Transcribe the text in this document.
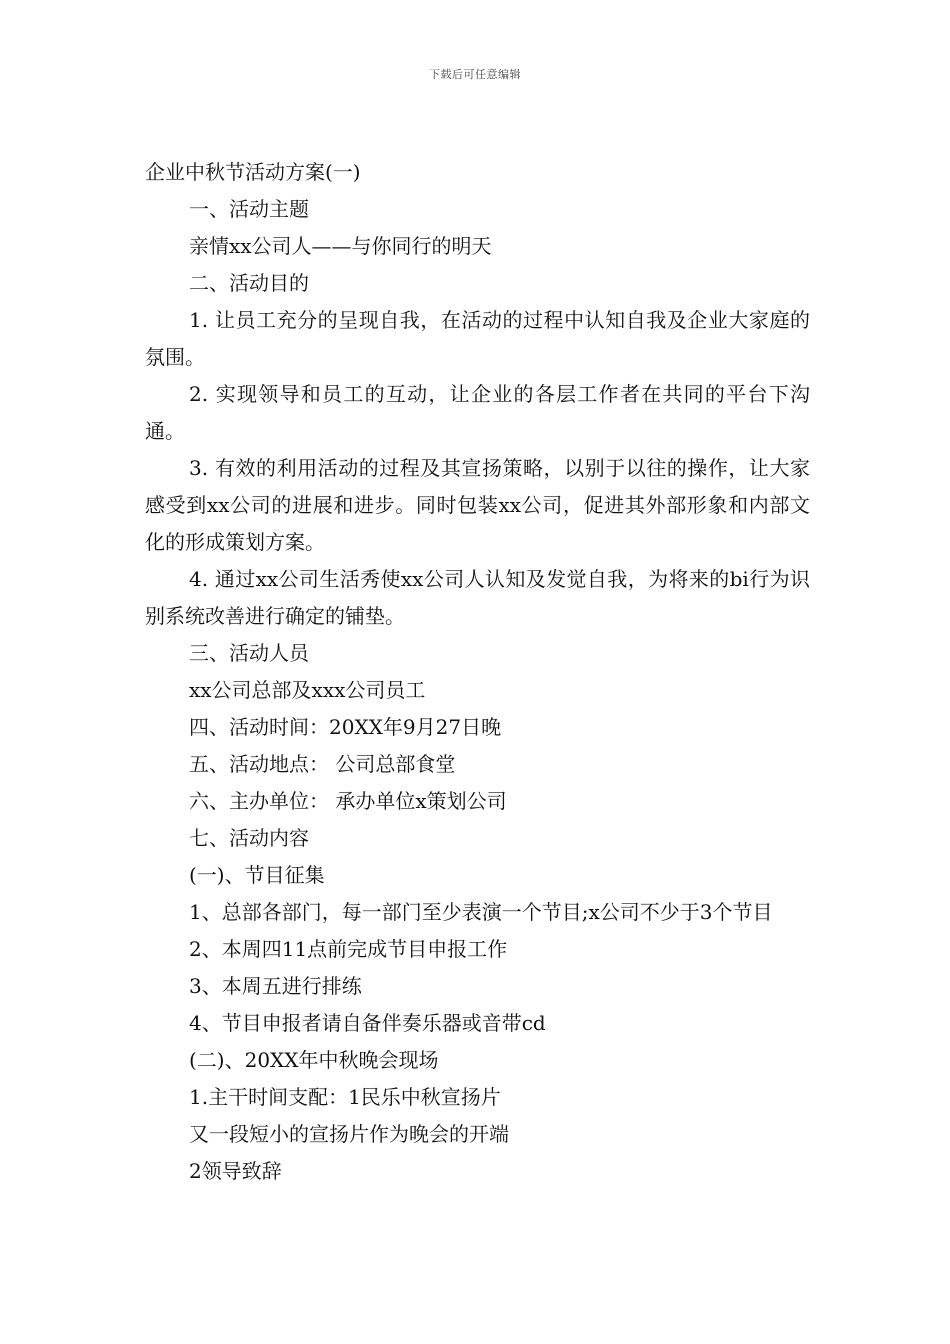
下载后可任意编辑
企业中秋节活动方案(一)
一、活动主题
亲情xx公司人——与你同行的明天
二、活动目的
1. 让员工充分的呈现自我，在活动的过程中认知自我及企业大家庭的氛围。
2. 实现领导和员工的互动，让企业的各层工作者在共同的平台下沟通。
3. 有效的利用活动的过程及其宣扬策略，以别于以往的操作，让大家感受到xx公司的进展和进步。同时包装xx公司，促进其外部形象和内部文化的形成策划方案。
4. 通过xx公司生活秀使xx公司人认知及发觉自我，为将来的bi行为识别系统改善进行确定的铺垫。
三、活动人员
xx公司总部及xxx公司员工
四、活动时间：20XX年9月27日晚
五、活动地点： 公司总部食堂
六、主办单位： 承办单位x策划公司
七、活动内容
(一)、节目征集
1、总部各部门，每一部门至少表演一个节目;x公司不少于3个节目
2、本周四11点前完成节目申报工作
3、本周五进行排练
4、节目申报者请自备伴奏乐器或音带cd
(二)、20XX年中秋晚会现场
1.主干时间支配：1民乐中秋宣扬片
又一段短小的宣扬片作为晚会的开端
2领导致辞
